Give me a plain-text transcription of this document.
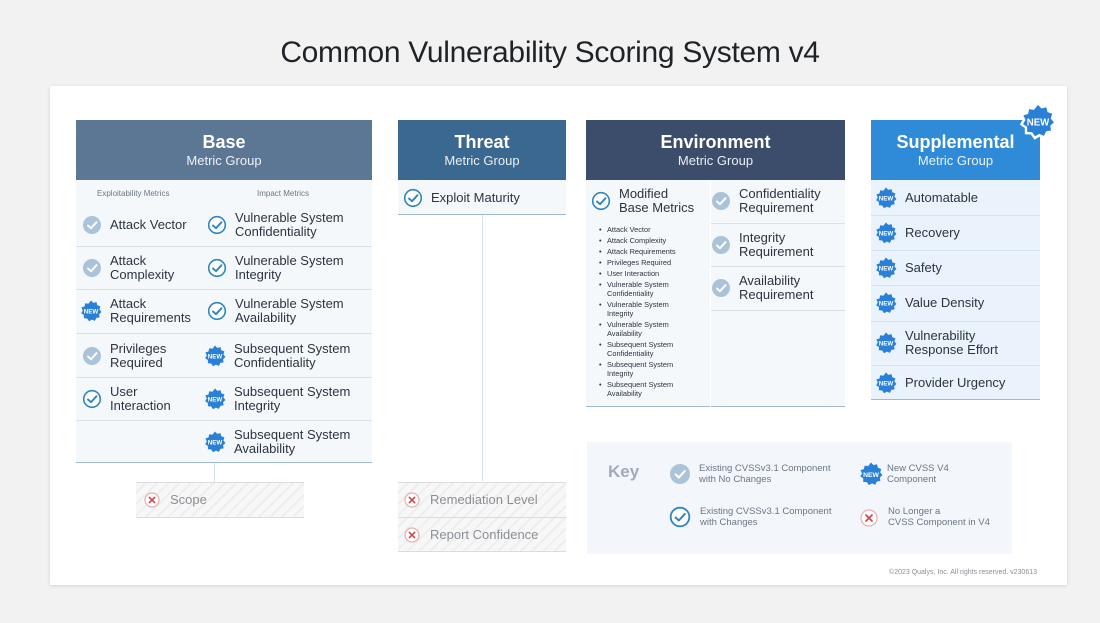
Common Vulnerability Scoring System v4
Base
Metric Group
Exploitability Metrics	Impact Metrics
Attack Vector
Attack
Complexity
NEW
Attack
Requirements
Privileges
Required
User
Interaction
Vulnerable System
Confidentiality
Vulnerable System
Integrity
Vulnerable System
Availability
NEW
Subsequent System
Confidentiality
NEW
Subsequent System
Integrity
NEW
Subsequent System
Availability
Scope
Threat
Metric Group
Exploit Maturity
Remediation Level
Report Confidence
Environment
Metric Group
Modified
Base Metrics
• Attack Vector
• Attack Complexity
• Attack Requirements
• Privileges Required
• User Interaction
• Vulnerable System
Confidentiality
• Vulnerable System
Integrity
• Vulnerable System
Availability
• Subsequent System
Confidentiality
• Subsequent System
Integrity
• Subsequent System
Availability
Confidentiality
Requirement
Integrity
Requirement
Availability
Requirement
Supplemental
Metric Group
NEW
NEW Automatable
NEW Recovery
NEW Safety
NEW Value Density
NEW
Vulnerability
Response Effort
NEW Provider Urgency
Key	Existing CVSSv3.1 Component
with No Changes
Existing CVSSv3.1 Component
with Changes
NEW
New CVSS V4
Component
No Longer a
CVSS Component in V4
©2023 Qualys, Inc. All rights reserved. v230613
